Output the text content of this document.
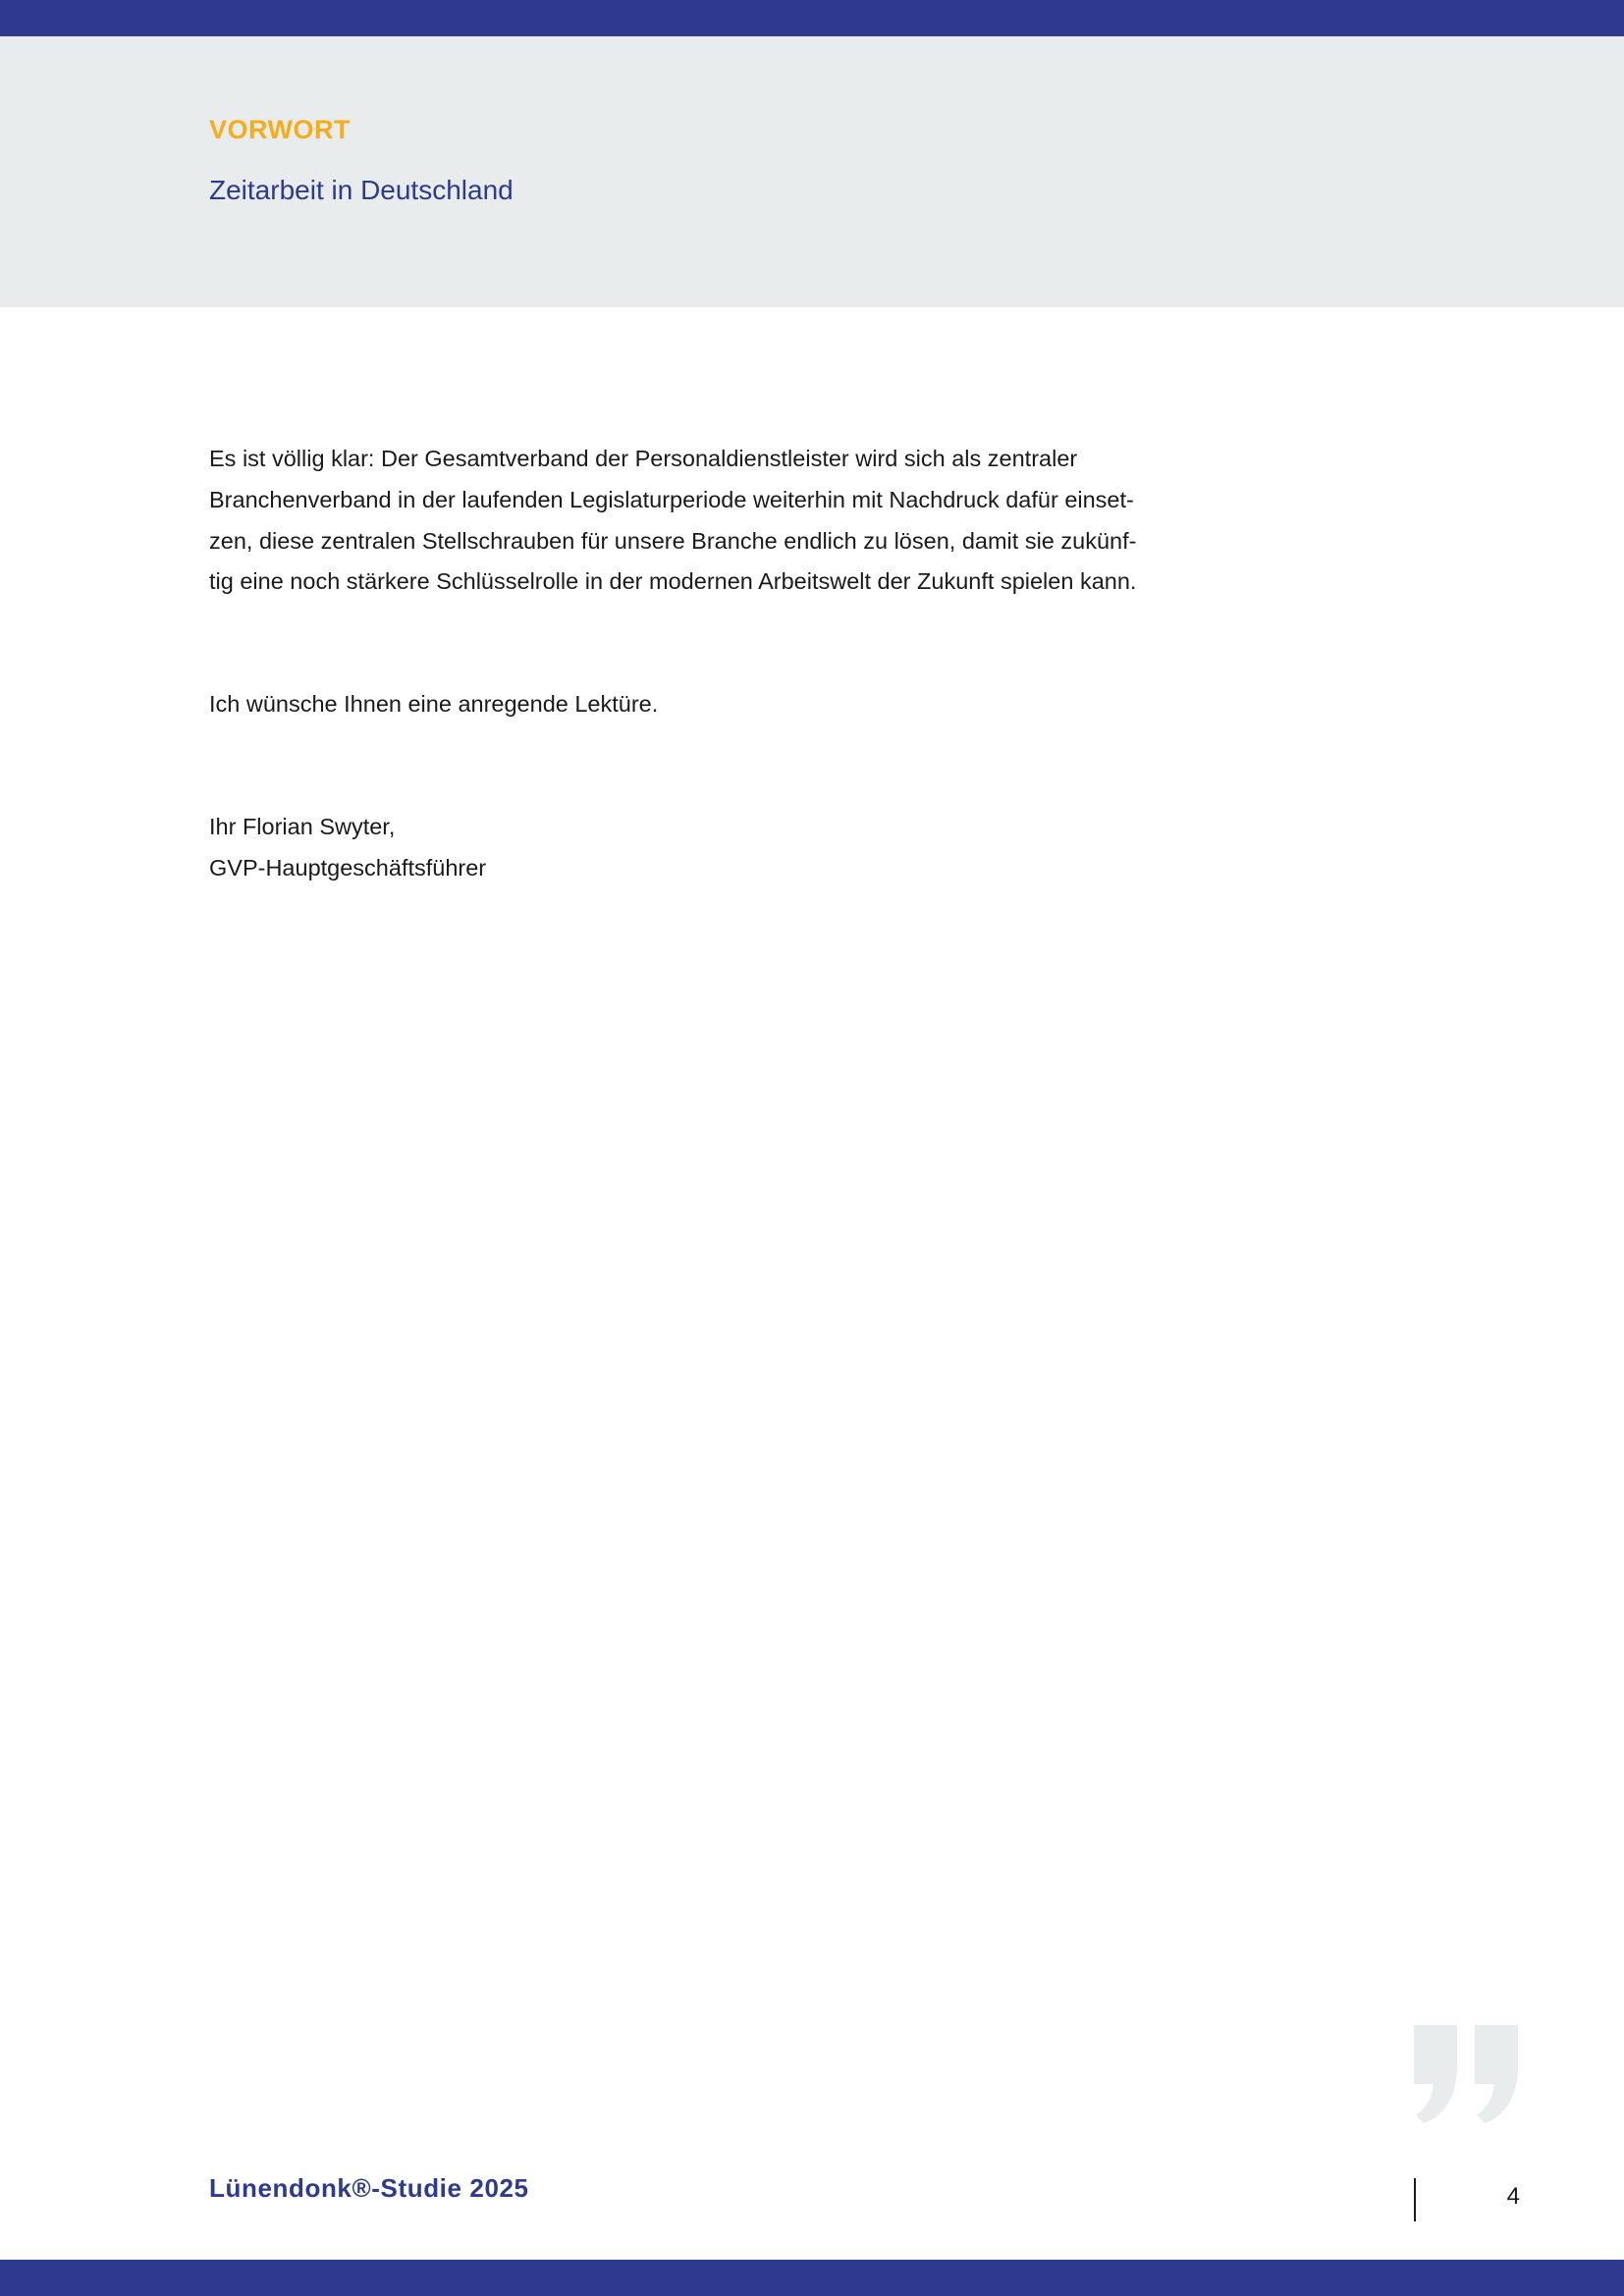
VORWORT
Zeitarbeit in Deutschland

Es ist völlig klar: Der Gesamtverband der Personaldienstleister wird sich als zentraler
Branchenverband in der laufenden Legislaturperiode weiterhin mit Nachdruck dafür einset-
zen, diese zentralen Stellschrauben für unsere Branche endlich zu lösen, damit sie zukünf-
tig eine noch stärkere Schlüsselrolle in der modernen Arbeitswelt der Zukunft spielen kann.

Ich wünsche Ihnen eine anregende Lektüre.

Ihr Florian Swyter,
GVP-Hauptgeschäftsführer
Lünendonk®-Studie 2025	4
